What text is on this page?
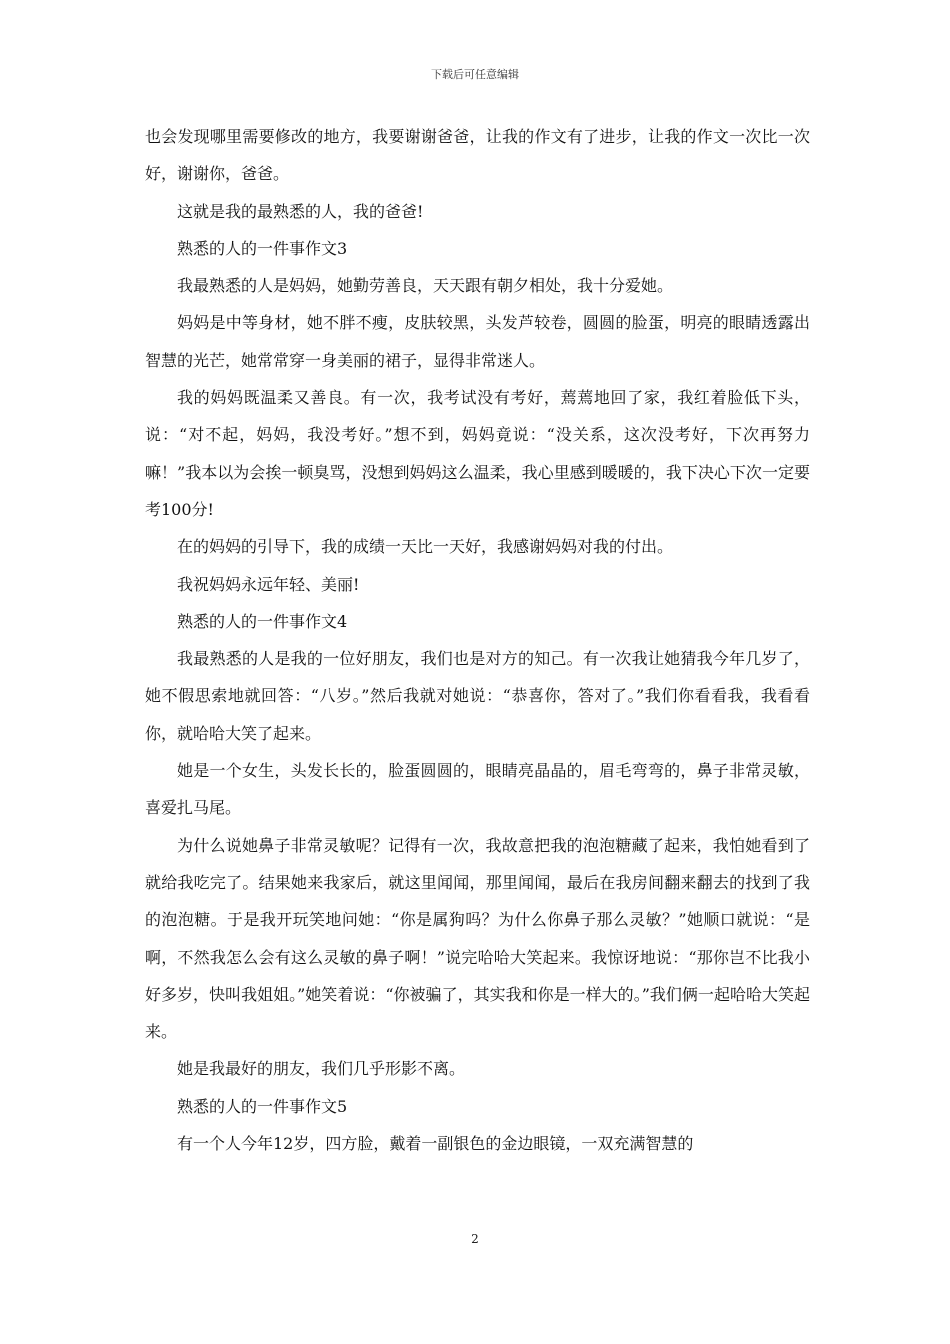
下载后可任意编辑

也会发现哪里需要修改的地方，我要谢谢爸爸，让我的作文有了进步，让我的作文一次比一次好，谢谢你，爸爸。

这就是我的最熟悉的人，我的爸爸!

熟悉的人的一件事作文3

我最熟悉的人是妈妈，她勤劳善良，天天跟有朝夕相处，我十分爱她。

妈妈是中等身材，她不胖不瘦，皮肤较黑，头发芦较卷，圆圆的脸蛋，明亮的眼睛透露出智慧的光芒，她常常穿一身美丽的裙子，显得非常迷人。

我的妈妈既温柔又善良。有一次，我考试没有考好，蔫蔫地回了家，我红着脸低下头，说：“对不起，妈妈，我没考好。”想不到，妈妈竟说：“没关系，这次没考好，下次再努力嘛！”我本以为会挨一顿臭骂，没想到妈妈这么温柔，我心里感到暖暖的，我下决心下次一定要考100分!

在的妈妈的引导下，我的成绩一天比一天好，我感谢妈妈对我的付出。

我祝妈妈永远年轻、美丽!

熟悉的人的一件事作文4

我最熟悉的人是我的一位好朋友，我们也是对方的知己。有一次我让她猜我今年几岁了，她不假思索地就回答：“八岁。”然后我就对她说：“恭喜你，答对了。”我们你看看我，我看看你，就哈哈大笑了起来。

她是一个女生，头发长长的，脸蛋圆圆的，眼睛亮晶晶的，眉毛弯弯的，鼻子非常灵敏，喜爱扎马尾。

为什么说她鼻子非常灵敏呢？记得有一次，我故意把我的泡泡糖藏了起来，我怕她看到了就给我吃完了。结果她来我家后，就这里闻闻，那里闻闻，最后在我房间翻来翻去的找到了我的泡泡糖。于是我开玩笑地问她：“你是属狗吗？为什么你鼻子那么灵敏？”她顺口就说：“是啊，不然我怎么会有这么灵敏的鼻子啊！”说完哈哈大笑起来。我惊讶地说：“那你岂不比我小好多岁，快叫我姐姐。”她笑着说：“你被骗了，其实我和你是一样大的。”我们俩一起哈哈大笑起来。

她是我最好的朋友，我们几乎形影不离。

熟悉的人的一件事作文5

有一个人今年12岁，四方脸，戴着一副银色的金边眼镜，一双充满智慧的

2
